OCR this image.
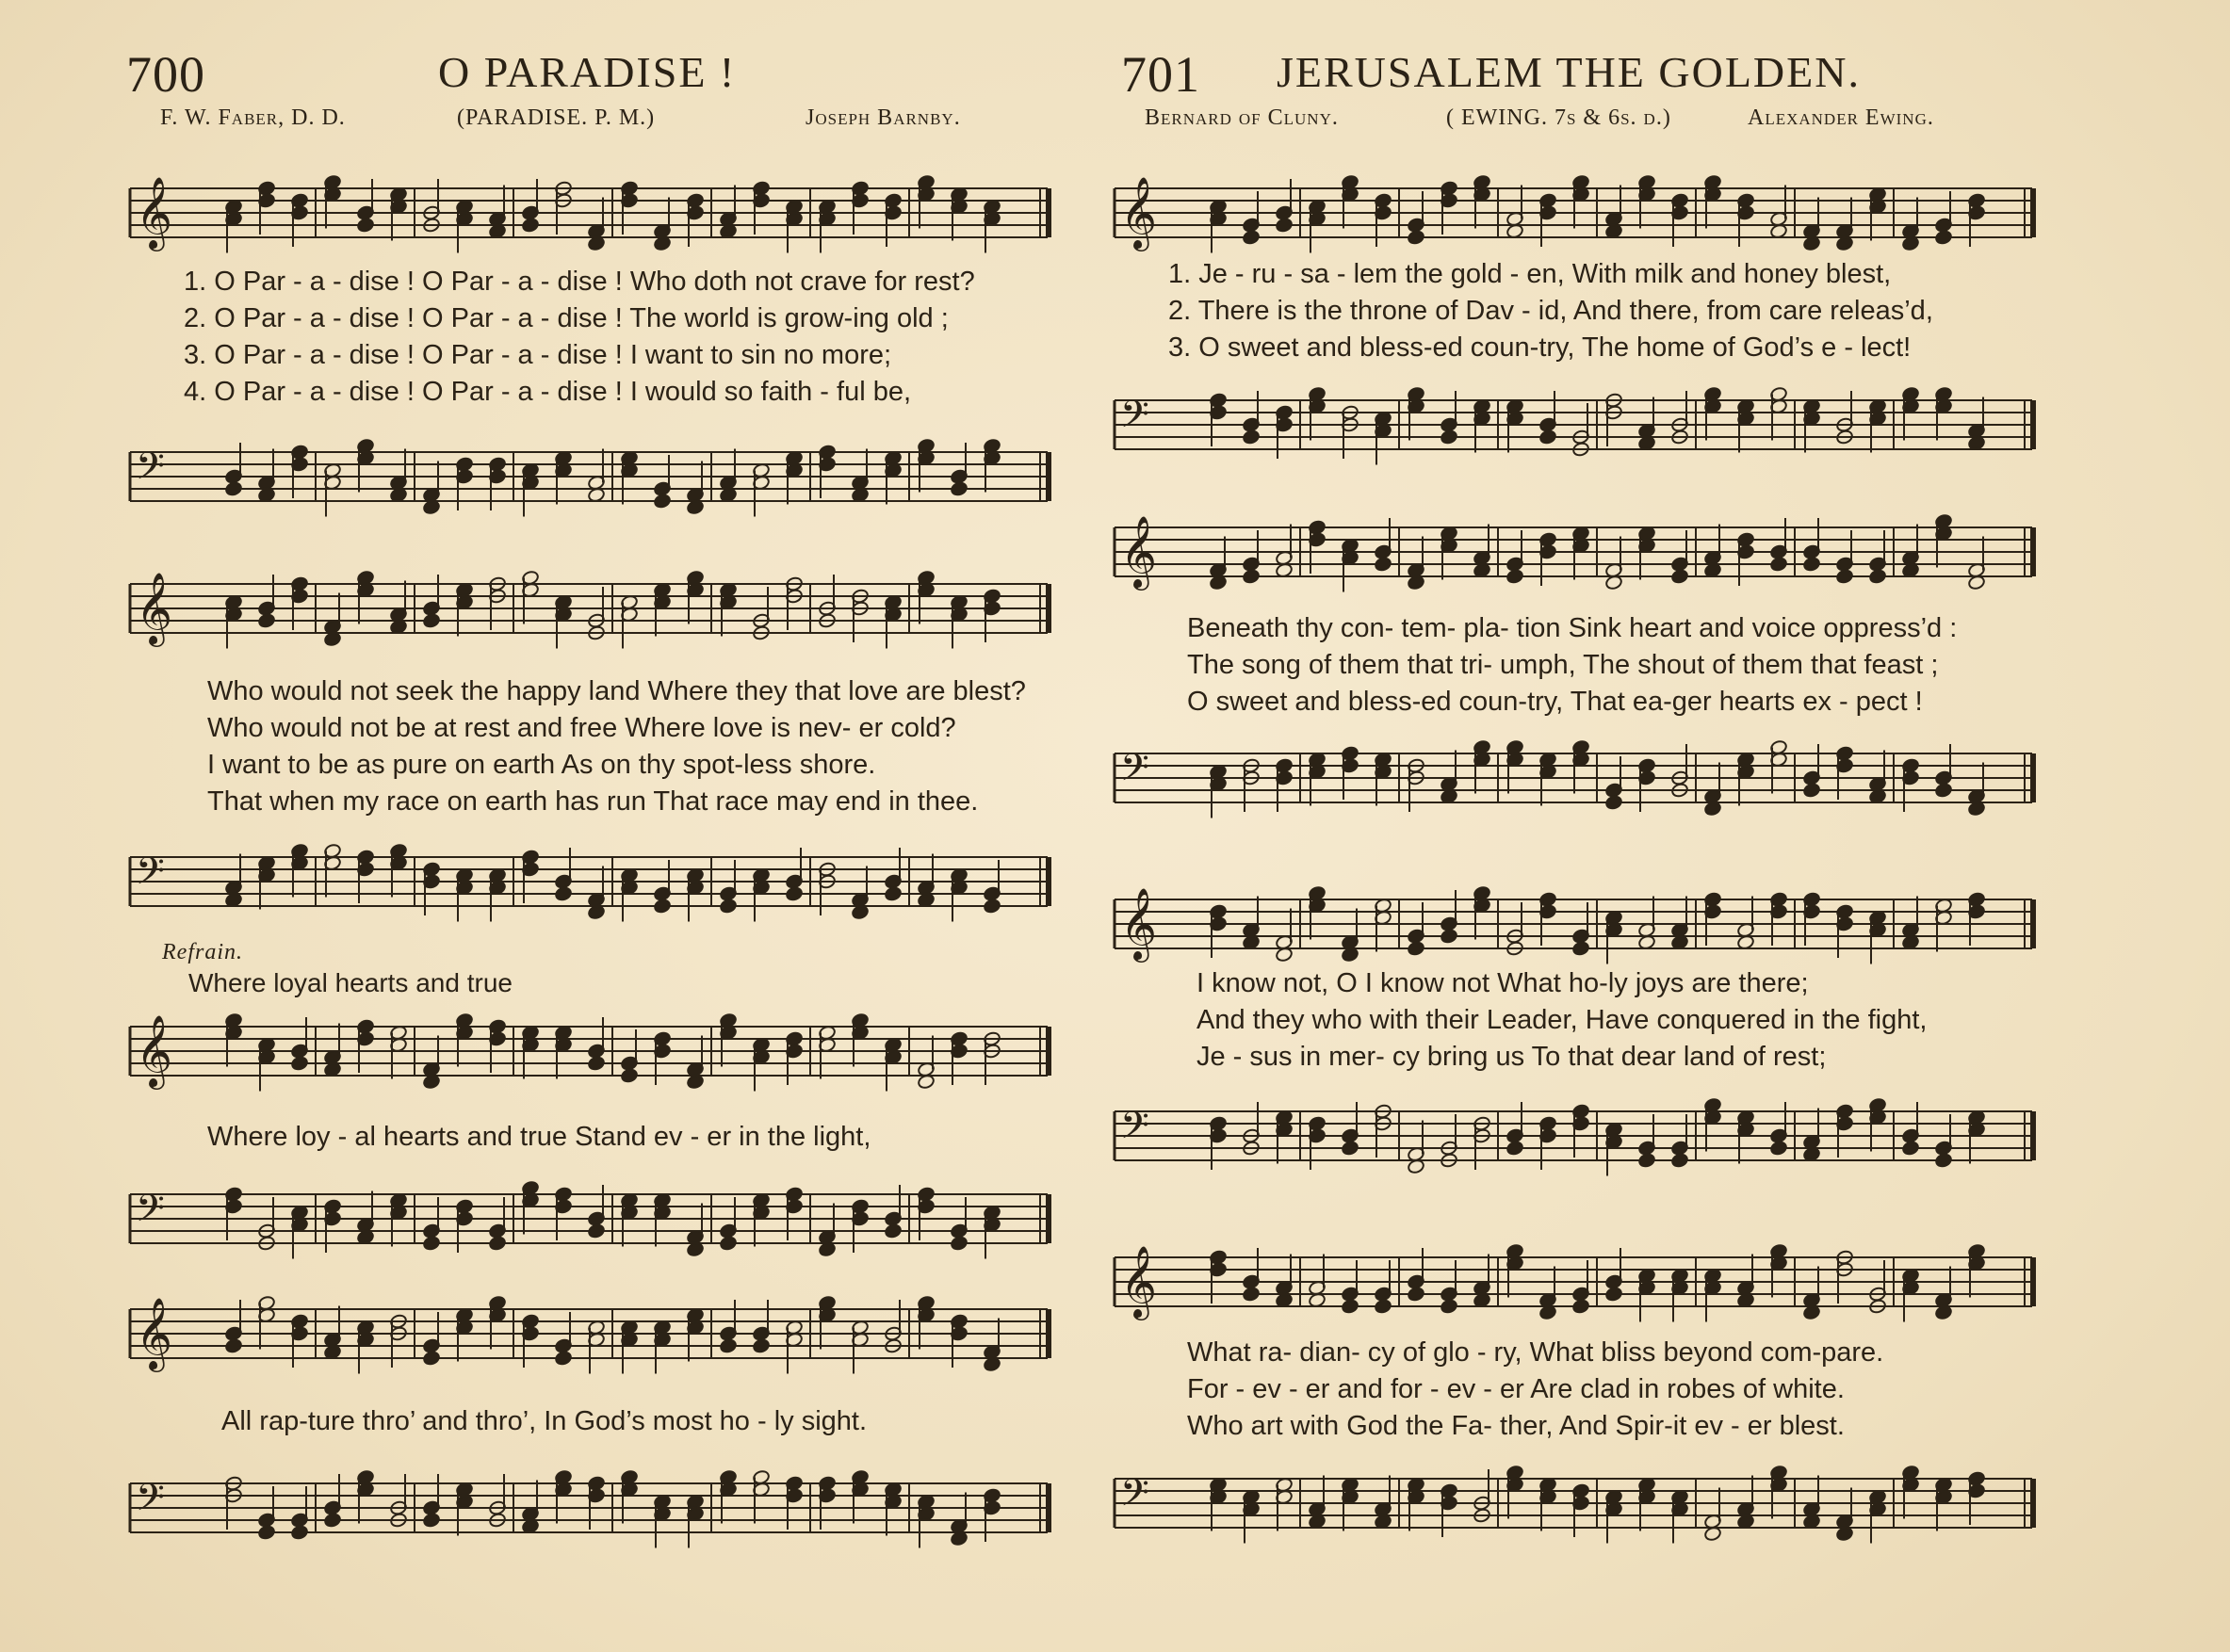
700	O PARADISE !
F. W. Faber, D. D.	(PARADISE. P. M.)	Joseph Barnby.
𝄞
1. O Par - a - dise ! O Par - a - dise ! Who doth not crave for rest?
2. O Par - a - dise ! O Par - a - dise ! The world is grow-ing old ;
3. O Par - a - dise ! O Par - a - dise ! I want to sin no more;
4. O Par - a - dise ! O Par - a - dise ! I would so faith - ful be,
𝄢
𝄞
Who would not seek the happy land Where they that love are blest?
Who would not be at rest and free Where love is nev- er cold?
I want to be as pure on earth As on thy spot-less shore.
That when my race on earth has run That race may end in thee.
𝄢
Refrain.
Where loyal hearts and true
𝄞
Where loy - al hearts and true Stand ev - er in the light,
𝄢
𝄞
All rap-ture thro’ and thro’, In God’s most ho - ly sight.
𝄢
701 JERUSALEM THE GOLDEN.
Bernard of Cluny.	( EWING. 7s & 6s. d.)	Alexander Ewing.
𝄞
1. Je - ru - sa - lem the gold - en, With milk and honey blest,
2. There is the throne of Dav - id, And there, from care releas’d,
3. O sweet and bless-ed coun-try, The home of God’s e - lect!
𝄢
𝄞
Beneath thy con- tem- pla- tion Sink heart and voice oppress’d :
The song of them that tri- umph, The shout of them that feast ;
O sweet and bless-ed coun-try, That ea-ger hearts ex - pect !
𝄢
𝄞
I know not, O I know not What ho-ly joys are there;
And they who with their Leader, Have conquered in the fight,
Je - sus in mer- cy bring us To that dear land of rest;
𝄢
𝄞
What ra- dian- cy of glo - ry, What bliss beyond com-pare.
For - ev - er and for - ev - er Are clad in robes of white.
Who art with God the Fa- ther, And Spir-it ev - er blest.
𝄢
